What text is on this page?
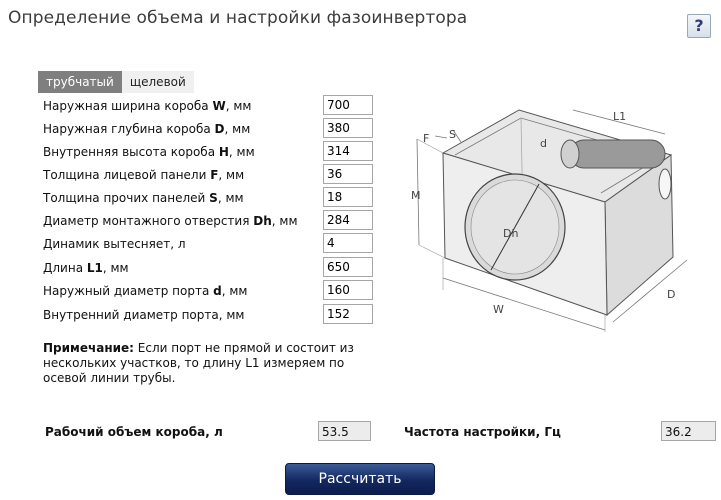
Определение объема и настройки фазоинвертора	?
трубчатый	щелевой
Наружная ширина короба W, мм
700
Наружная глубина короба D, мм
380
Внутренняя высота короба H, мм
314
Толщина лицевой панели F, мм
36
Толщина прочих панелей S, мм
18
Диаметр монтажного отверстия Dh, мм
284
Динамик вытесняет, л
4
Длина L1, мм
650
Наружный диаметр порта d, мм
160
Внутренний диаметр порта, мм
152
Примечание: Если порт не прямой и состоит из нескольких участков, то длину L1 измеряем по осевой линии трубы.
Рабочий объем короба, л	53.5	Частота настройки, Гц	36.2
Рассчитать
F S
L1
d
M
Dh
W
D
